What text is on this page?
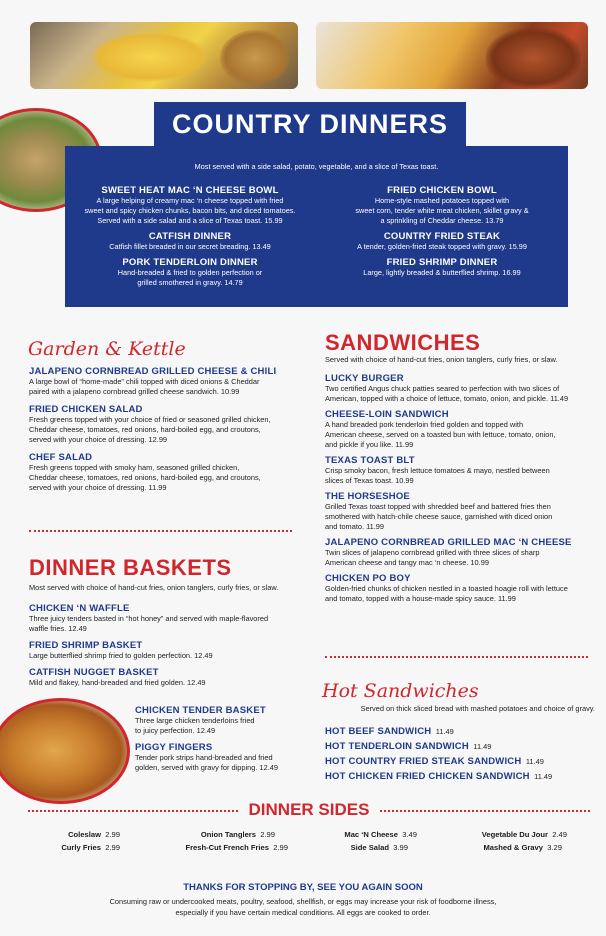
COUNTRY DINNERS
Most served with a side salad, potato, vegetable, and a slice of Texas toast.
SWEET HEAT MAC ‘N CHEESE BOWL
A large helping of creamy mac ‘n cheese topped with fried
sweet and spicy chicken chunks, bacon bits, and diced tomatoes.
Served with a side salad and a slice of Texas toast. 15.99
CATFISH DINNER
Catfish fillet breaded in our secret breading. 13.49
PORK TENDERLOIN DINNER
Hand-breaded & fried to golden perfection or
grilled smothered in gravy. 14.79
FRIED CHICKEN BOWL
Home-style mashed potatoes topped with
sweet corn, tender white meat chicken, skillet gravy &
a sprinkling of Cheddar cheese. 13.79
COUNTRY FRIED STEAK
A tender, golden-fried steak topped with gravy. 15.99
FRIED SHRIMP DINNER
Large, lightly breaded & butterflied shrimp. 16.99
Garden & Kettle
JALAPENO CORNBREAD GRILLED CHEESE & CHILI
A large bowl of “home-made” chili topped with diced onions & Cheddar
paired with a jalapeno cornbread grilled cheese sandwich. 10.99
FRIED CHICKEN SALAD
Fresh greens topped with your choice of fried or seasoned grilled chicken,
Cheddar cheese, tomatoes, red onions, hard-boiled egg, and croutons,
served with your choice of dressing. 12.99
CHEF SALAD
Fresh greens topped with smoky ham, seasoned grilled chicken,
Cheddar cheese, tomatoes, red onions, hard-boiled egg, and croutons,
served with your choice of dressing. 11.99
DINNER BASKETS
Most served with choice of hand-cut fries, onion tanglers, curly fries, or slaw.
CHICKEN ‘N WAFFLE
Three juicy tenders basted in “hot honey” and served with maple-flavored
waffle fries. 12.49
FRIED SHRIMP BASKET
Large butterflied shrimp fried to golden perfection. 12.49
CATFISH NUGGET BASKET
Mild and flakey, hand-breaded and fried golden. 12.49
CHICKEN TENDER BASKET
Three large chicken tenderloins fried
to juicy perfection. 12.49
PIGGY FINGERS
Tender pork strips hand-breaded and fried
golden, served with gravy for dipping. 12.49
SANDWICHES
Served with choice of hand-cut fries, onion tanglers, curly fries, or slaw.
LUCKY BURGER
Two certified Angus chuck patties seared to perfection with two slices of
American, topped with a choice of lettuce, tomato, onion, and pickle. 11.49
CHEESE-LOIN SANDWICH
A hand breaded pork tenderloin fried golden and topped with
American cheese, served on a toasted bun with lettuce, tomato, onion,
and pickle if you like. 11.99
TEXAS TOAST BLT
Crisp smoky bacon, fresh lettuce tomatoes & mayo, nestled between
slices of Texas toast. 10.99
THE HORSESHOE
Grilled Texas toast topped with shredded beef and battered fries then
smothered with hatch-chile cheese sauce, garnished with diced onion
and tomato. 11.99
JALAPENO CORNBREAD GRILLED MAC ‘N CHEESE
Twin slices of jalapeno cornbread grilled with three slices of sharp
American cheese and tangy mac ‘n cheese. 10.99
CHICKEN PO BOY
Golden-fried chunks of chicken nestled in a toasted hoagie roll with lettuce
and tomato, topped with a house-made spicy sauce. 11.99
Hot Sandwiches
Served on thick sliced bread with mashed potatoes and choice of gravy.
HOT BEEF SANDWICH 11.49
HOT TENDERLOIN SANDWICH 11.49
HOT COUNTRY FRIED STEAK SANDWICH 11.49
HOT CHICKEN FRIED CHICKEN SANDWICH 11.49
DINNER SIDES
Coleslaw 2.99
Curly Fries 2.99
Onion Tanglers 2.99
Fresh-Cut French Fries 2.99
Mac ‘N Cheese 3.49
Side Salad 3.99
Vegetable Du Jour 2.49
Mashed & Gravy 3.29
THANKS FOR STOPPING BY, SEE YOU AGAIN SOON
Consuming raw or undercooked meats, poultry, seafood, shellfish, or eggs may increase your risk of foodborne illness,
especially if you have certain medical conditions. All eggs are cooked to order.
